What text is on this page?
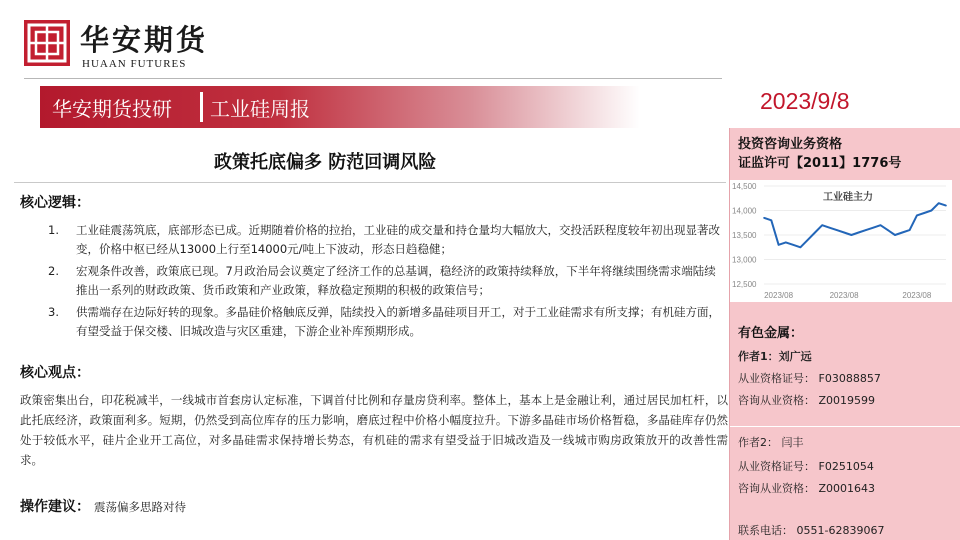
华安期货
HUAAN FUTURES
华安期货投研 工业硅周报	2023/9/8
政策托底偏多 防范回调风险
核心逻辑：
1. 工业硅震荡筑底，底部形态已成。近期随着价格的拉抬，工业硅的成交量和持仓量均大幅放大，交投活跃程度较年初出现显著改变，价格中枢已经从13000上行至14000元/吨上下波动，形态日趋稳健；
2. 宏观条件改善，政策底已现。7月政治局会议奠定了经济工作的总基调，稳经济的政策持续释放，下半年将继续围绕需求端陆续推出一系列的财政政策、货币政策和产业政策，释放稳定预期的积极的政策信号；
3. 供需端存在边际好转的现象。多晶硅价格触底反弹，陆续投入的新增多晶硅项目开工，对于工业硅需求有所支撑；有机硅方面，有望受益于保交楼、旧城改造与灾区重建，下游企业补库预期形成。
核心观点：

政策密集出台，印花税减半，一线城市首套房认定标准，下调首付比例和存量房贷利率。整体上，基本上是金融让利，通过居民加杠杆，以此托底经济，政策面利多。短期，仍然受到高位库存的压力影响，磨底过程中价格小幅度拉升。下游多晶硅市场价格暂稳，多晶硅库存仍然处于较低水平，硅片企业开工高位，对多晶硅需求保持增长势态，有机硅的需求有望受益于旧城改造及一线城市购房政策放开的改善性需求。

操作建议： 震荡偏多思路对待
投资咨询业务资格
证监许可【2011】1776号
14,500
14,000
13,500
13,000
12,500
2023/08	2023/08	2023/08
工业硅主力
有色金属：
作者1：刘广远
从业资格证号： F03088857
咨询从业资格： Z0019599
作者2： 闫丰
从业资格证号： F0251054
咨询从业资格： Z0001643
联系电话： 0551-62839067
